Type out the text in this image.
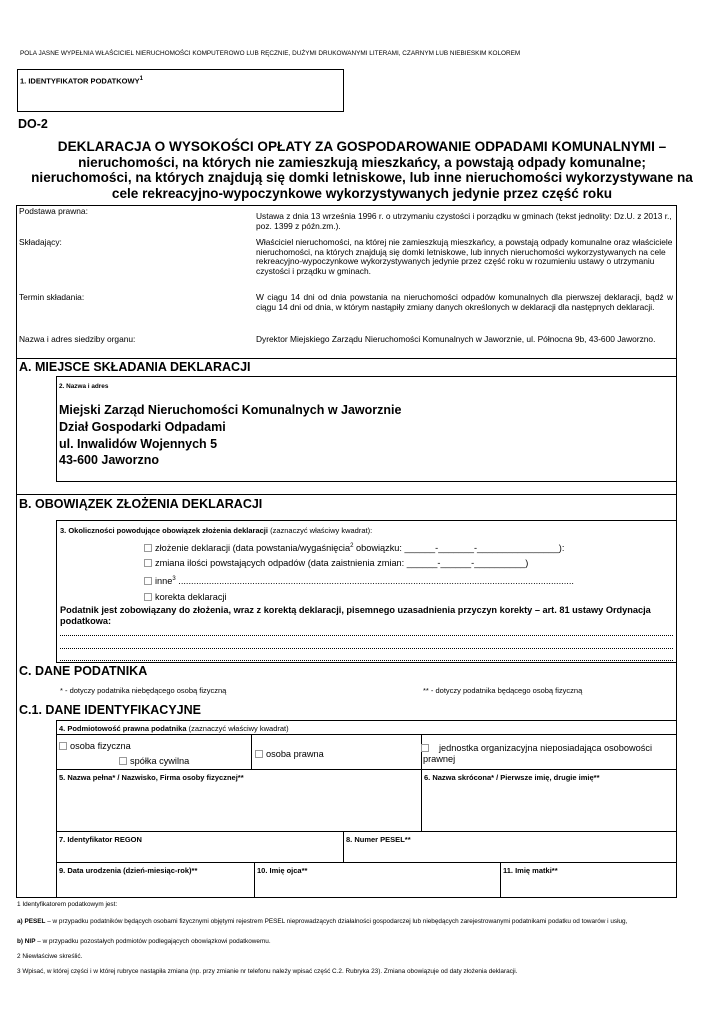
POLA JASNE WYPEŁNIA WŁAŚCICIEL NIERUCHOMOŚCI KOMPUTEROWO LUB RĘCZNIE, DUŻYMI DRUKOWANYMI LITERAMI, CZARNYM LUB NIEBIESKIM KOLOREM
1. IDENTYFIKATOR PODATKOWY$^1$
DO-2
DEKLARACJA O WYSOKOŚCI OPŁATY ZA GOSPODAROWANIE ODPADAMI KOMUNALNYMI –
nieruchomości, na których nie zamieszkują mieszkańcy, a powstają odpady komunalne;
nieruchomości, na których znajdują się domki letniskowe, lub inne nieruchomości wykorzystywane na
cele rekreacyjno-wypoczynkowe wykorzystywanych jedynie przez część roku
Podstawa prawna:	Ustawa z dnia 13 września 1996 r. o utrzymaniu czystości i porządku w gminach (tekst jednolity: Dz.U. z 2013 r., poz. 1399 z późn.zm.).
Składający:	Właściciel nieruchomości, na której nie zamieszkują mieszkańcy, a powstają odpady komunalne oraz właściciele nieruchomości, na których znajdują się domki letniskowe, lub innych nieruchomości wykorzystywanych na cele rekreacyjno-wypoczynkowe wykorzystywanych jedynie przez część roku w rozumieniu ustawy o utrzymaniu czystości i prządku w gminach.
Termin składania:	W ciągu 14 dni od dnia powstania na nieruchomości odpadów komunalnych dla pierwszej deklaracji, bądź w ciągu 14 dni od dnia, w którym nastąpiły zmiany danych określonych w deklaracji dla następnych deklaracji.
Nazwa i adres siedziby organu:	Dyrektor Miejskiego Zarządu Nieruchomości Komunalnych w Jaworznie, ul. Północna 9b, 43-600 Jaworzno.
A. MIEJSCE SKŁADANIA DEKLARACJI
2. Nazwa i adres
Miejski Zarząd Nieruchomości Komunalnych w Jaworznie
Dział Gospodarki Odpadami
ul. Inwalidów Wojennych 5
43-600 Jaworzno
B. OBOWIĄZEK ZŁOŻENIA DEKLARACJI
3. Okoliczności powodujące obowiązek złożenia deklaracji (zaznaczyć właściwy kwadrat):
złożenie deklaracji (data powstania/wygaśnięcia$^2$ obowiązku: ______-_______-________________):
zmiana ilości powstających odpadów (data zaistnienia zmian: ______-______-__________)
inne$^3$ ...........................................................................................................................................................
korekta deklaracji
Podatnik jest zobowiązany do złożenia, wraz z korektą deklaracji, pisemnego uzasadnienia przyczyn korekty – art. 81 ustawy Ordynacja podatkowa:
C. DANE PODATNIKA
* - dotyczy podatnika niebędącego osobą fizyczną	** - dotyczy podatnika będącego osobą fizyczną
C.1. DANE IDENTYFIKACYJNE
4. Podmiotowość prawna podatnika (zaznaczyć właściwy kwadrat)
osoba fizyczna
spółka cywilna
osoba prawna
jednostka organizacyjna nieposiadająca osobowości prawnej
5. Nazwa pełna* / Nazwisko, Firma osoby fizycznej**	6. Nazwa skrócona* / Pierwsze imię, drugie imię**
7. Identyfikator REGON	8. Numer PESEL**
9. Data urodzenia (dzień-miesiąc-rok)**	10. Imię ojca**	11. Imię matki**
1 Identyfikatorem podatkowym jest:
a) PESEL – w przypadku podatników będących osobami fizycznymi objętymi rejestrem PESEL nieprowadzących działalności gospodarczej lub niebędących zarejestrowanymi podatnikami podatku od towarów i usług,
b) NIP – w przypadku pozostałych podmiotów podlegających obowiązkowi podatkowemu.
2 Niewłaściwe skreślić.
3 Wpisać, w której części i w której rubryce nastąpiła zmiana (np. przy zmianie nr telefonu należy wpisać część C.2. Rubryka 23). Zmiana obowiązuje od daty złożenia deklaracji.
